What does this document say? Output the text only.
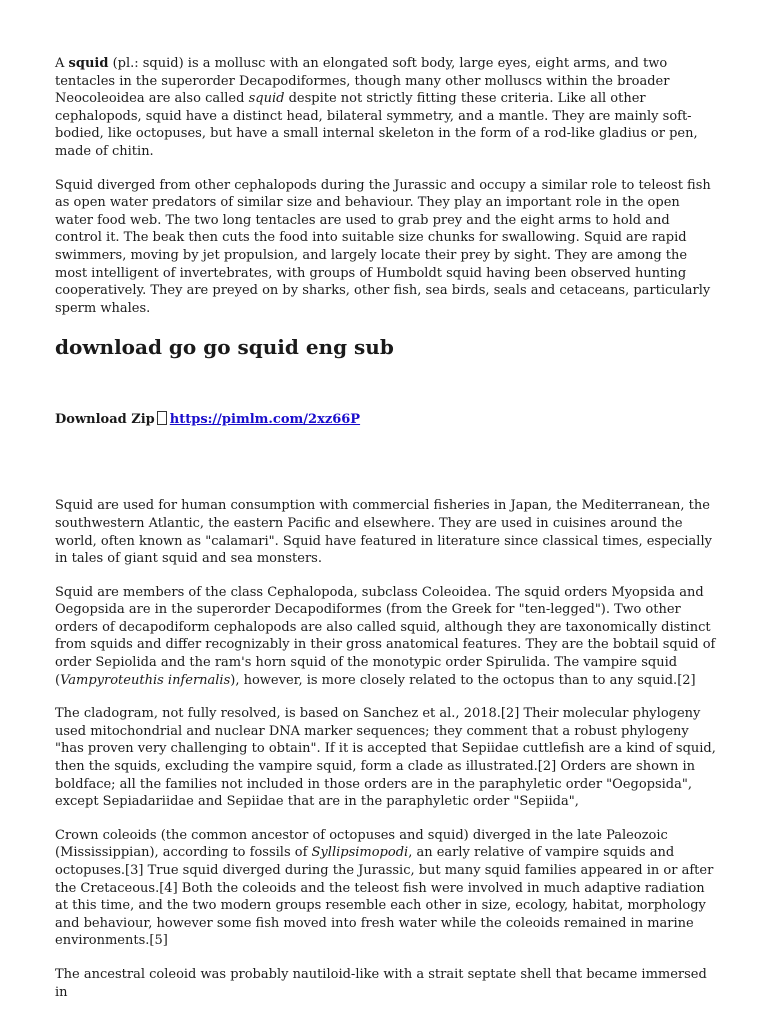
A squid (pl.: squid) is a mollusc with an elongated soft body, large eyes, eight arms, and two tentacles in the superorder Decapodiformes, though many other molluscs within the broader Neocoleoidea are also called squid despite not strictly fitting these criteria. Like all other cephalopods, squid have a distinct head, bilateral symmetry, and a mantle. They are mainly soft-bodied, like octopuses, but have a small internal skeleton in the form of a rod-like gladius or pen, made of chitin.

Squid diverged from other cephalopods during the Jurassic and occupy a similar role to teleost fish as open water predators of similar size and behaviour. They play an important role in the open water food web. The two long tentacles are used to grab prey and the eight arms to hold and control it. The beak then cuts the food into suitable size chunks for swallowing. Squid are rapid swimmers, moving by jet propulsion, and largely locate their prey by sight. They are among the most intelligent of invertebrates, with groups of Humboldt squid having been observed hunting cooperatively. They are preyed on by sharks, other fish, sea birds, seals and cetaceans, particularly sperm whales.

download go go squid eng sub
Download Zip https://pimlm.com/2xz66P

Squid are used for human consumption with commercial fisheries in Japan, the Mediterranean, the southwestern Atlantic, the eastern Pacific and elsewhere. They are used in cuisines around the world, often known as "calamari". Squid have featured in literature since classical times, especially in tales of giant squid and sea monsters.

Squid are members of the class Cephalopoda, subclass Coleoidea. The squid orders Myopsida and Oegopsida are in the superorder Decapodiformes (from the Greek for "ten-legged"). Two other orders of decapodiform cephalopods are also called squid, although they are taxonomically distinct from squids and differ recognizably in their gross anatomical features. They are the bobtail squid of order Sepiolida and the ram's horn squid of the monotypic order Spirulida. The vampire squid (Vampyroteuthis infernalis), however, is more closely related to the octopus than to any squid.[2]

The cladogram, not fully resolved, is based on Sanchez et al., 2018.[2] Their molecular phylogeny used mitochondrial and nuclear DNA marker sequences; they comment that a robust phylogeny "has proven very challenging to obtain". If it is accepted that Sepiidae cuttlefish are a kind of squid, then the squids, excluding the vampire squid, form a clade as illustrated.[2] Orders are shown in boldface; all the families not included in those orders are in the paraphyletic order "Oegopsida", except Sepiadariidae and Sepiidae that are in the paraphyletic order "Sepiida",

Crown coleoids (the common ancestor of octopuses and squid) diverged in the late Paleozoic (Mississippian), according to fossils of Syllipsimopodi, an early relative of vampire squids and octopuses.[3] True squid diverged during the Jurassic, but many squid families appeared in or after the Cretaceous.[4] Both the coleoids and the teleost fish were involved in much adaptive radiation at this time, and the two modern groups resemble each other in size, ecology, habitat, morphology and behaviour, however some fish moved into fresh water while the coleoids remained in marine environments.[5]

The ancestral coleoid was probably nautiloid-like with a strait septate shell that became immersed in
